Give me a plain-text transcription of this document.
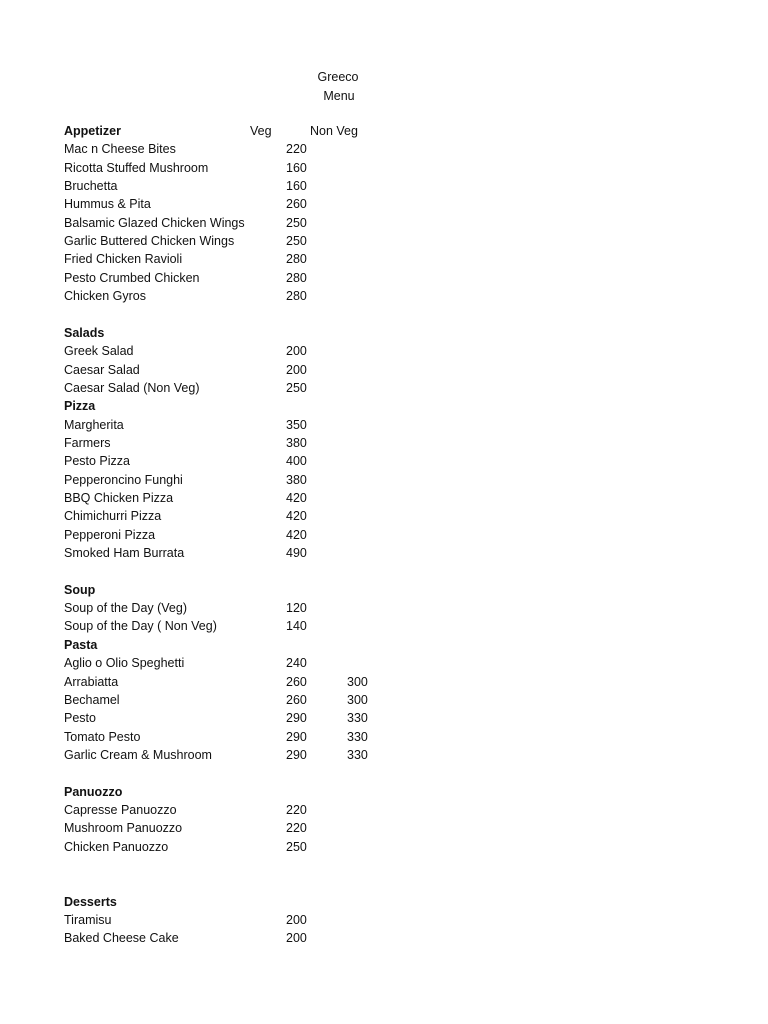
Greeco
Menu
Appetizer	Veg	Non Veg
Mac n Cheese Bites	220
Ricotta Stuffed Mushroom	160
Bruchetta	160
Hummus & Pita	260
Balsamic Glazed Chicken Wings	250
Garlic Buttered Chicken Wings	250
Fried Chicken Ravioli	280
Pesto Crumbed Chicken	280
Chicken Gyros	280
Salads
Greek Salad	200
Caesar Salad	200
Caesar Salad (Non Veg)	250
Pizza
Margherita	350
Farmers	380
Pesto Pizza	400
Pepperoncino Funghi	380
BBQ Chicken Pizza	420
Chimichurri Pizza	420
Pepperoni Pizza	420
Smoked Ham Burrata	490
Soup
Soup of the Day (Veg)	120
Soup of the Day ( Non Veg)	140
Pasta
Aglio o Olio Speghetti	240
Arrabiatta	260	300
Bechamel	260	300
Pesto	290	330
Tomato Pesto	290	330
Garlic Cream & Mushroom	290	330
Panuozzo
Capresse Panuozzo	220
Mushroom Panuozzo	220
Chicken Panuozzo	250
Desserts
Tiramisu	200
Baked Cheese Cake	200
